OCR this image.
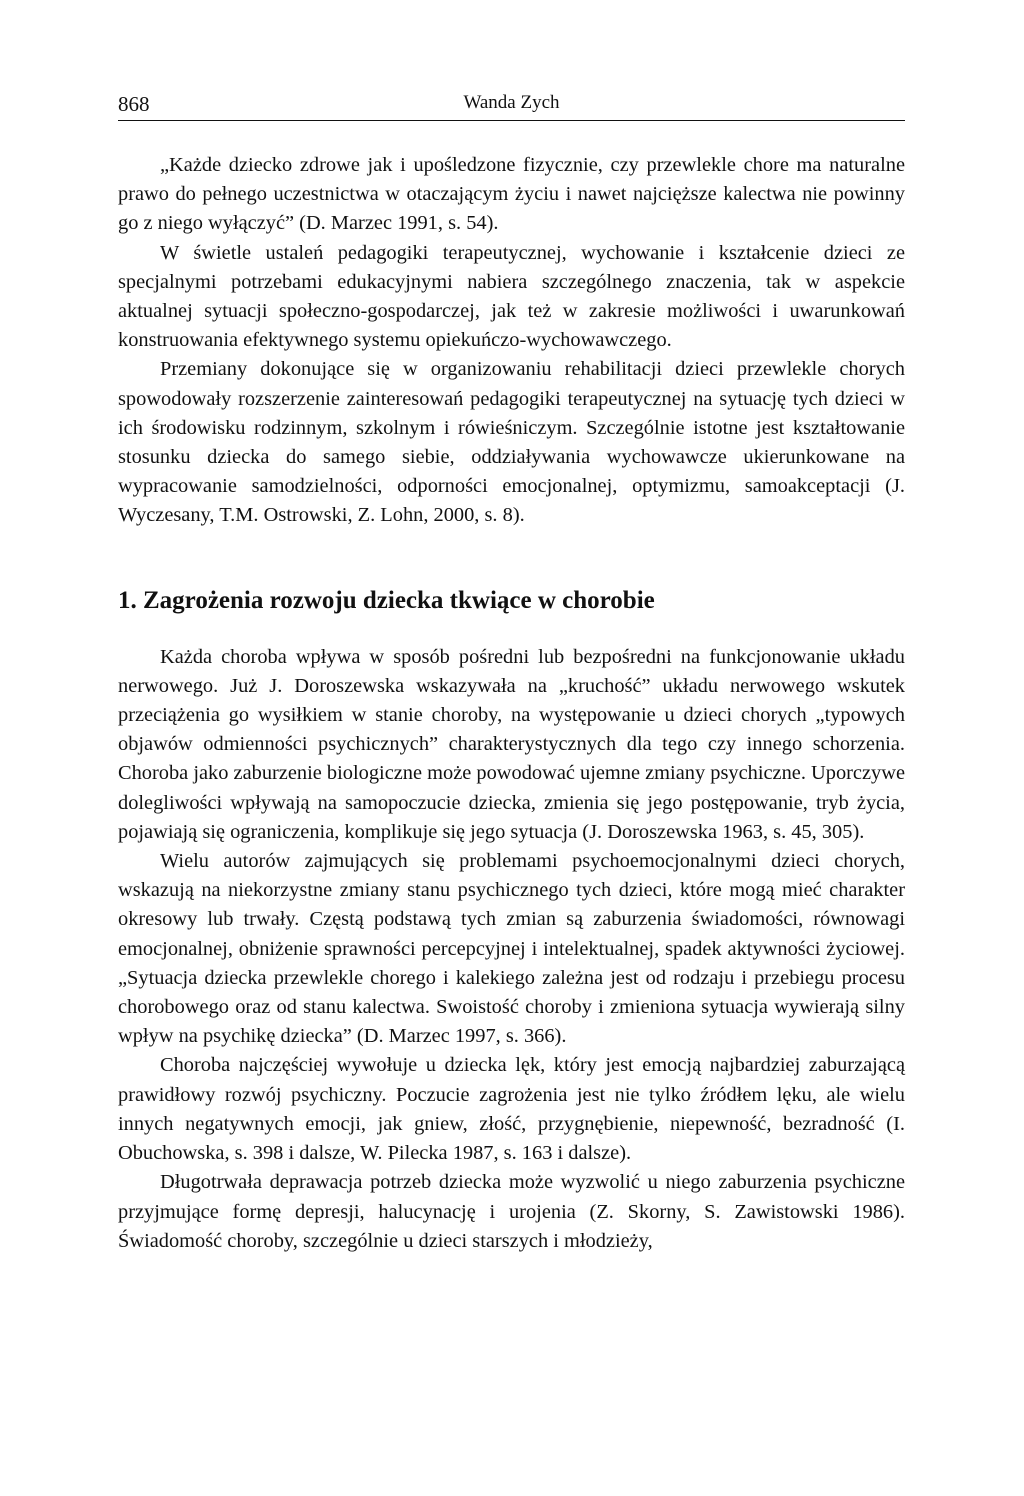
868	Wanda Zych

„Każde dziecko zdrowe jak i upośledzone fizycznie, czy przewlekle chore ma naturalne prawo do pełnego uczestnictwa w otaczającym życiu i nawet najcięższe kalectwa nie powinny go z niego wyłączyć” (D. Marzec 1991, s. 54).

W świetle ustaleń pedagogiki terapeutycznej, wychowanie i kształcenie dzieci ze specjalnymi potrzebami edukacyjnymi nabiera szczególnego znaczenia, tak w aspekcie aktualnej sytuacji społeczno-gospodarczej, jak też w zakresie możliwości i uwarunkowań konstruowania efektywnego systemu opiekuńczo-wychowawczego.

Przemiany dokonujące się w organizowaniu rehabilitacji dzieci przewlekle chorych spowodowały rozszerzenie zainteresowań pedagogiki terapeutycznej na sytuację tych dzieci w ich środowisku rodzinnym, szkolnym i rówieśniczym. Szczególnie istotne jest kształtowanie stosunku dziecka do samego siebie, oddziaływania wychowawcze ukierunkowane na wypracowanie samodzielności, odporności emocjonalnej, optymizmu, samoakceptacji (J. Wyczesany, T.M. Ostrowski, Z. Lohn, 2000, s. 8).

1. Zagrożenia rozwoju dziecka tkwiące w chorobie

Każda choroba wpływa w sposób pośredni lub bezpośredni na funkcjonowanie układu nerwowego. Już J. Doroszewska wskazywała na „kruchość” układu nerwowego wskutek przeciążenia go wysiłkiem w stanie choroby, na występowanie u dzieci chorych „typowych objawów odmienności psychicznych” charakterystycznych dla tego czy innego schorzenia. Choroba jako zaburzenie biologiczne może powodować ujemne zmiany psychiczne. Uporczywe dolegliwości wpływają na samopoczucie dziecka, zmienia się jego postępowanie, tryb życia, pojawiają się ograniczenia, komplikuje się jego sytuacja (J. Doroszewska 1963, s. 45, 305).

Wielu autorów zajmujących się problemami psychoemocjonalnymi dzieci chorych, wskazują na niekorzystne zmiany stanu psychicznego tych dzieci, które mogą mieć charakter okresowy lub trwały. Częstą podstawą tych zmian są zaburzenia świadomości, równowagi emocjonalnej, obniżenie sprawności percepcyjnej i intelektualnej, spadek aktywności życiowej. „Sytuacja dziecka przewlekle chorego i kalekiego zależna jest od rodzaju i przebiegu procesu chorobowego oraz od stanu kalectwa. Swoistość choroby i zmieniona sytuacja wywierają silny wpływ na psychikę dziecka” (D. Marzec 1997, s. 366).

Choroba najczęściej wywołuje u dziecka lęk, który jest emocją najbardziej zaburzającą prawidłowy rozwój psychiczny. Poczucie zagrożenia jest nie tylko źródłem lęku, ale wielu innych negatywnych emocji, jak gniew, złość, przygnębienie, niepewność, bezradność (I. Obuchowska, s. 398 i dalsze, W. Pilecka 1987, s. 163 i dalsze).

Długotrwała deprawacja potrzeb dziecka może wyzwolić u niego zaburzenia psychiczne przyjmujące formę depresji, halucynację i urojenia (Z. Skorny, S. Zawistowski 1986). Świadomość choroby, szczególnie u dzieci starszych i młodzieży,
